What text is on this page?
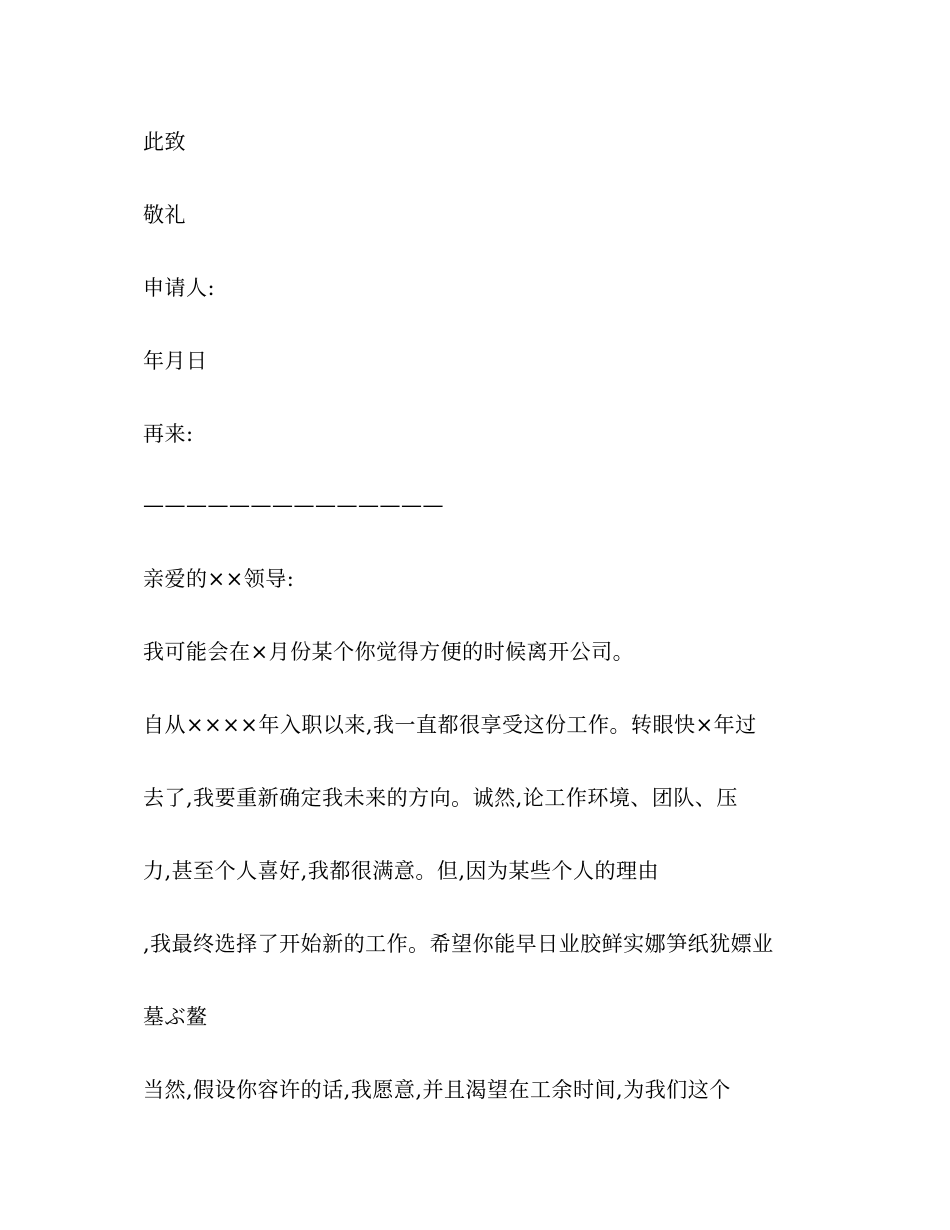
此致
敬礼
申请人:
年月日
再来:
——————————————
亲爱的××领导:
我可能会在×月份某个你觉得方便的时候离开公司。
自从××××年入职以来,我一直都很享受这份工作。转眼快×年过
去了,我要重新确定我未来的方向。诚然,论工作环境、团队、压
力,甚至个人喜好,我都很满意。但,因为某些个人的理由
,我最终选择了开始新的工作。希望你能早日业胶鲜实娜笋纸犹嫖业
墓ぶ鳌
当然,假设你容许的话,我愿意,并且渴望在工余时间,为我们这个
